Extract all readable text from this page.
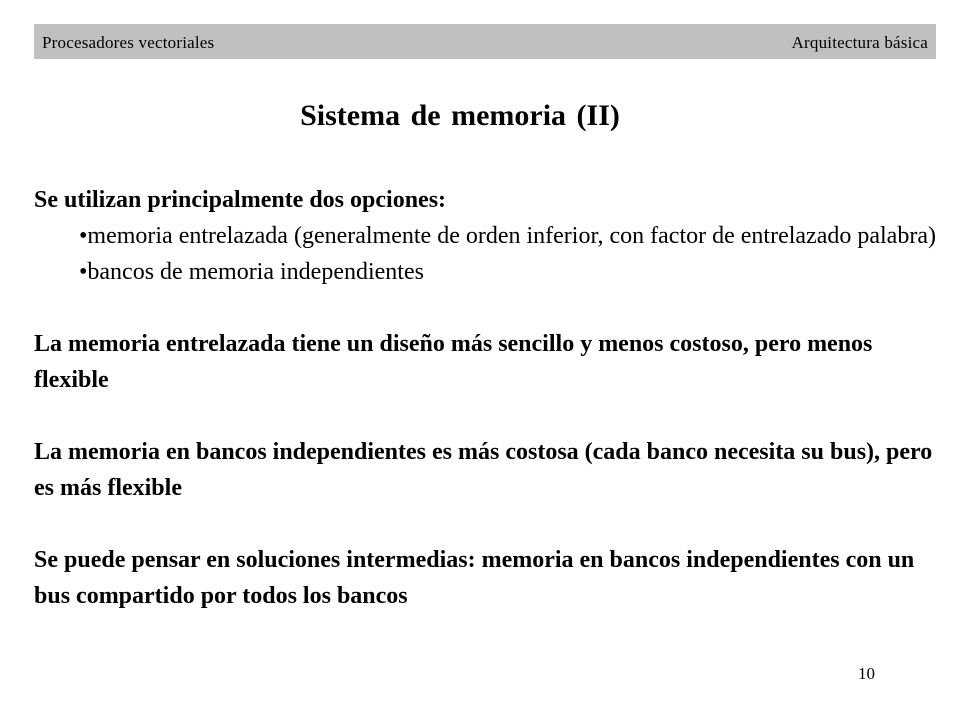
Procesadores vectoriales	Arquitectura básica
Sistema de memoria (II)

Se utilizan principalmente dos opciones:

•memoria entrelazada (generalmente de orden inferior, con factor de entrelazado palabra)
•bancos de memoria independientes

La memoria entrelazada tiene un diseño más sencillo y menos costoso, pero menos flexible

La memoria en bancos independientes es más costosa (cada banco necesita su bus), pero es más flexible

Se puede pensar en soluciones intermedias: memoria en bancos independientes con un bus compartido por todos los bancos

10
